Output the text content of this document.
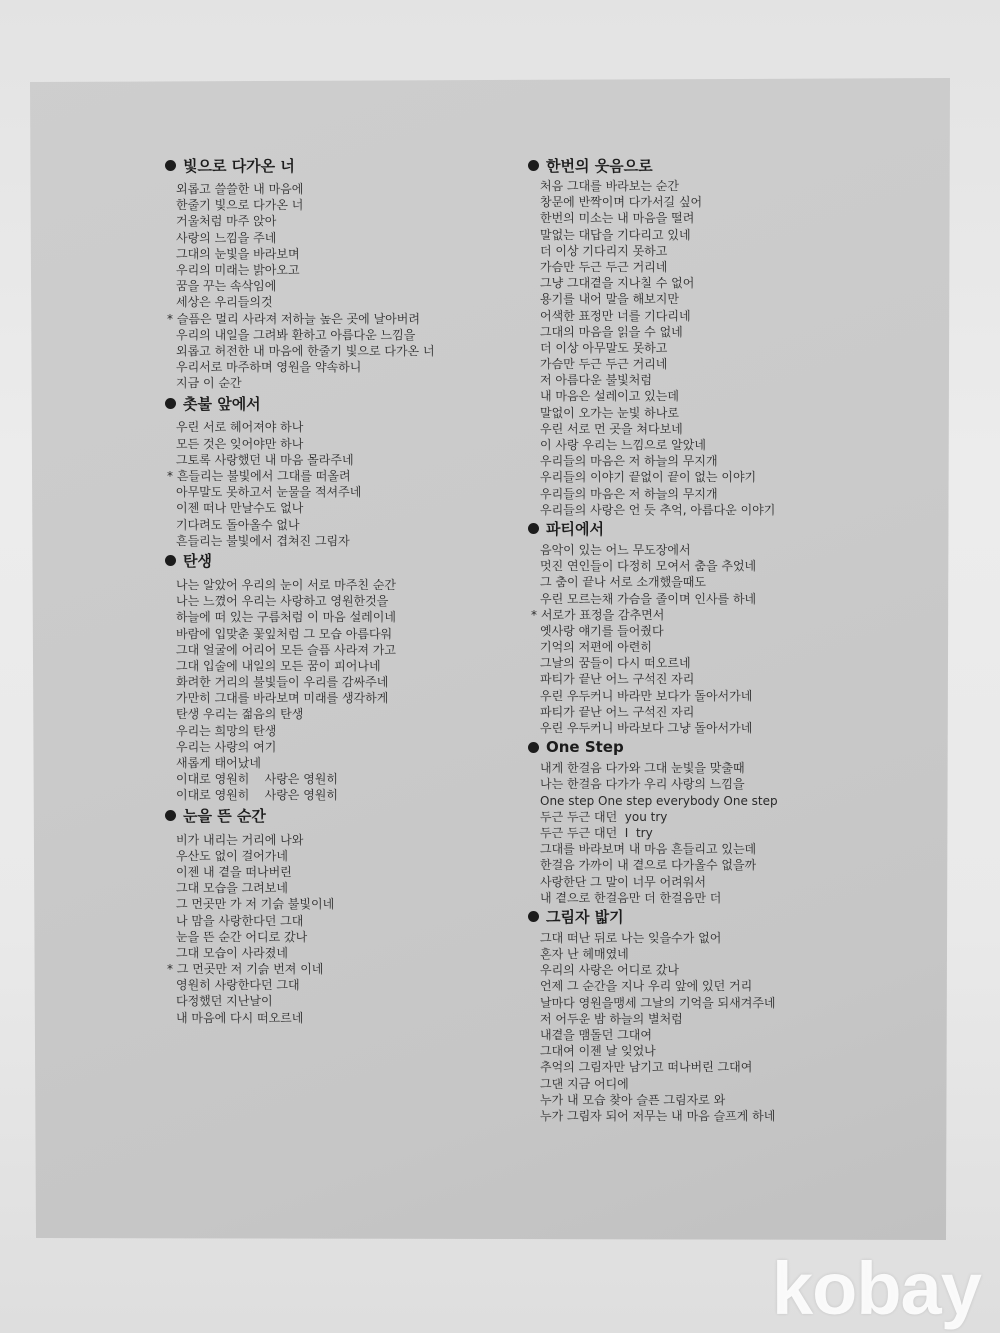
빛으로 다가온 너
외롭고 쓸쓸한 내 마음에
한줄기 빛으로 다가온 너
거울처럼 마주 앉아
사랑의 느낌을 주네
그대의 눈빛을 바라보며
우리의 미래는 밝아오고
꿈을 꾸는 속삭임에
세상은 우리들의것
* 슬픔은 멀리 사라져 저하늘 높은 곳에 날아버려
우리의 내일을 그려봐 환하고 아름다운 느낌을
외롭고 허전한 내 마음에 한줄기 빛으로 다가온 너
우리서로 마주하며 영원을 약속하니
지금 이 순간
촛불 앞에서
우린 서로 헤어져야 하나
모든 것은 잊어야만 하나
그토록 사랑했던 내 마음 몰라주네
* 흔들리는 불빛에서 그대를 떠올려
아무말도 못하고서 눈물을 적셔주네
이젠 떠나 만날수도 없나
기다려도 돌아올수 없나
흔들리는 불빛에서 겹쳐진 그림자
탄생
나는 알았어 우리의 눈이 서로 마주친 순간
나는 느꼈어 우리는 사랑하고 영원한것을
하늘에 떠 있는 구름처럼 이 마음 설레이네
바람에 입맞춘 꽃잎처럼 그 모습 아름다워
그대 얼굴에 어리어 모든 슬픔 사라져 가고
그대 입술에 내일의 모든 꿈이 피어나네
화려한 거리의 불빛들이 우리를 감싸주네
가만히 그대를 바라보며 미래를 생각하게
탄생 우리는 젊음의 탄생
우리는 희망의 탄생
우리는 사랑의 여기
새롭게 태어났네
이대로 영원히    사랑은 영원히
이대로 영원히    사랑은 영원히
눈을 뜬 순간
비가 내리는 거리에 나와
우산도 없이 걸어가네
이젠 내 곁을 떠나버린
그대 모습을 그려보네
그 먼곳만 가 저 기슭 불빛이네
나 맘을 사랑한다던 그대
눈을 뜬 순간 어디로 갔나
그대 모습이 사라졌네
* 그 먼곳만 저 기슭 번져 이네
영원히 사랑한다던 그대
다정했던 지난날이
내 마음에 다시 떠오르네
한번의 웃음으로
처음 그대를 바라보는 순간
창문에 반짝이며 다가서길 싶어
한번의 미소는 내 마음을 떨려
말없는 대답을 기다리고 있네
더 이상 기다리지 못하고
가슴만 두근 두근 거리네
그냥 그대곁을 지나칠 수 없어
용기를 내어 말을 해보지만
어색한 표정만 너를 기다리네
그대의 마음을 읽을 수 없네
더 이상 아무말도 못하고
가슴만 두근 두근 거리네
저 아름다운 불빛처럼
내 마음은 설레이고 있는데
말없이 오가는 눈빛 하나로
우린 서로 먼 곳을 쳐다보네
이 사랑 우리는 느낌으로 알았네
우리들의 마음은 저 하늘의 무지개
우리들의 이야기 끝없이 끝이 없는 이야기
우리들의 마음은 저 하늘의 무지개
우리들의 사랑은 언 듯 추억, 아름다운 이야기
파티에서
음악이 있는 어느 무도장에서
멋진 연인들이 다정히 모여서 춤을 추었네
그 춤이 끝나 서로 소개했을때도
우린 모르는채 가슴을 졸이며 인사를 하네
* 서로가 표정을 감추면서
옛사랑 얘기를 들어줬다
기억의 저편에 아련히
그날의 꿈들이 다시 떠오르네
파티가 끝난 어느 구석진 자리
우린 우두커니 바라만 보다가 돌아서가네
파티가 끝난 어느 구석진 자리
우린 우두커니 바라보다 그냥 돌아서가네
One Step
내게 한걸음 다가와 그대 눈빛을 맞출때
나는 한걸음 다가가 우리 사랑의 느낌을
One step One step everybody One step
두근 두근 대던  you try
두근 두근 대던  I  try
그대를 바라보며 내 마음 흔들리고 있는데
한걸음 가까이 내 곁으로 다가올수 없을까
사랑한단 그 말이 너무 어려워서
내 곁으로 한걸음만 더 한걸음만 더
그림자 밟기
그대 떠난 뒤로 나는 잊을수가 없어
혼자 난 헤매였네
우리의 사랑은 어디로 갔나
언제 그 순간을 지나 우리 앞에 있던 거리
날마다 영원을맹세 그날의 기억을 되새겨주네
저 어두운 밤 하늘의 별처럼
내곁을 맴돌던 그대여
그대여 이젠 날 잊었나
추억의 그림자만 남기고 떠나버린 그대여
그댄 지금 어디에
누가 내 모습 찾아 슬픈 그림자로 와
누가 그림자 되어 저무는 내 마음 슬프게 하네
kobay
